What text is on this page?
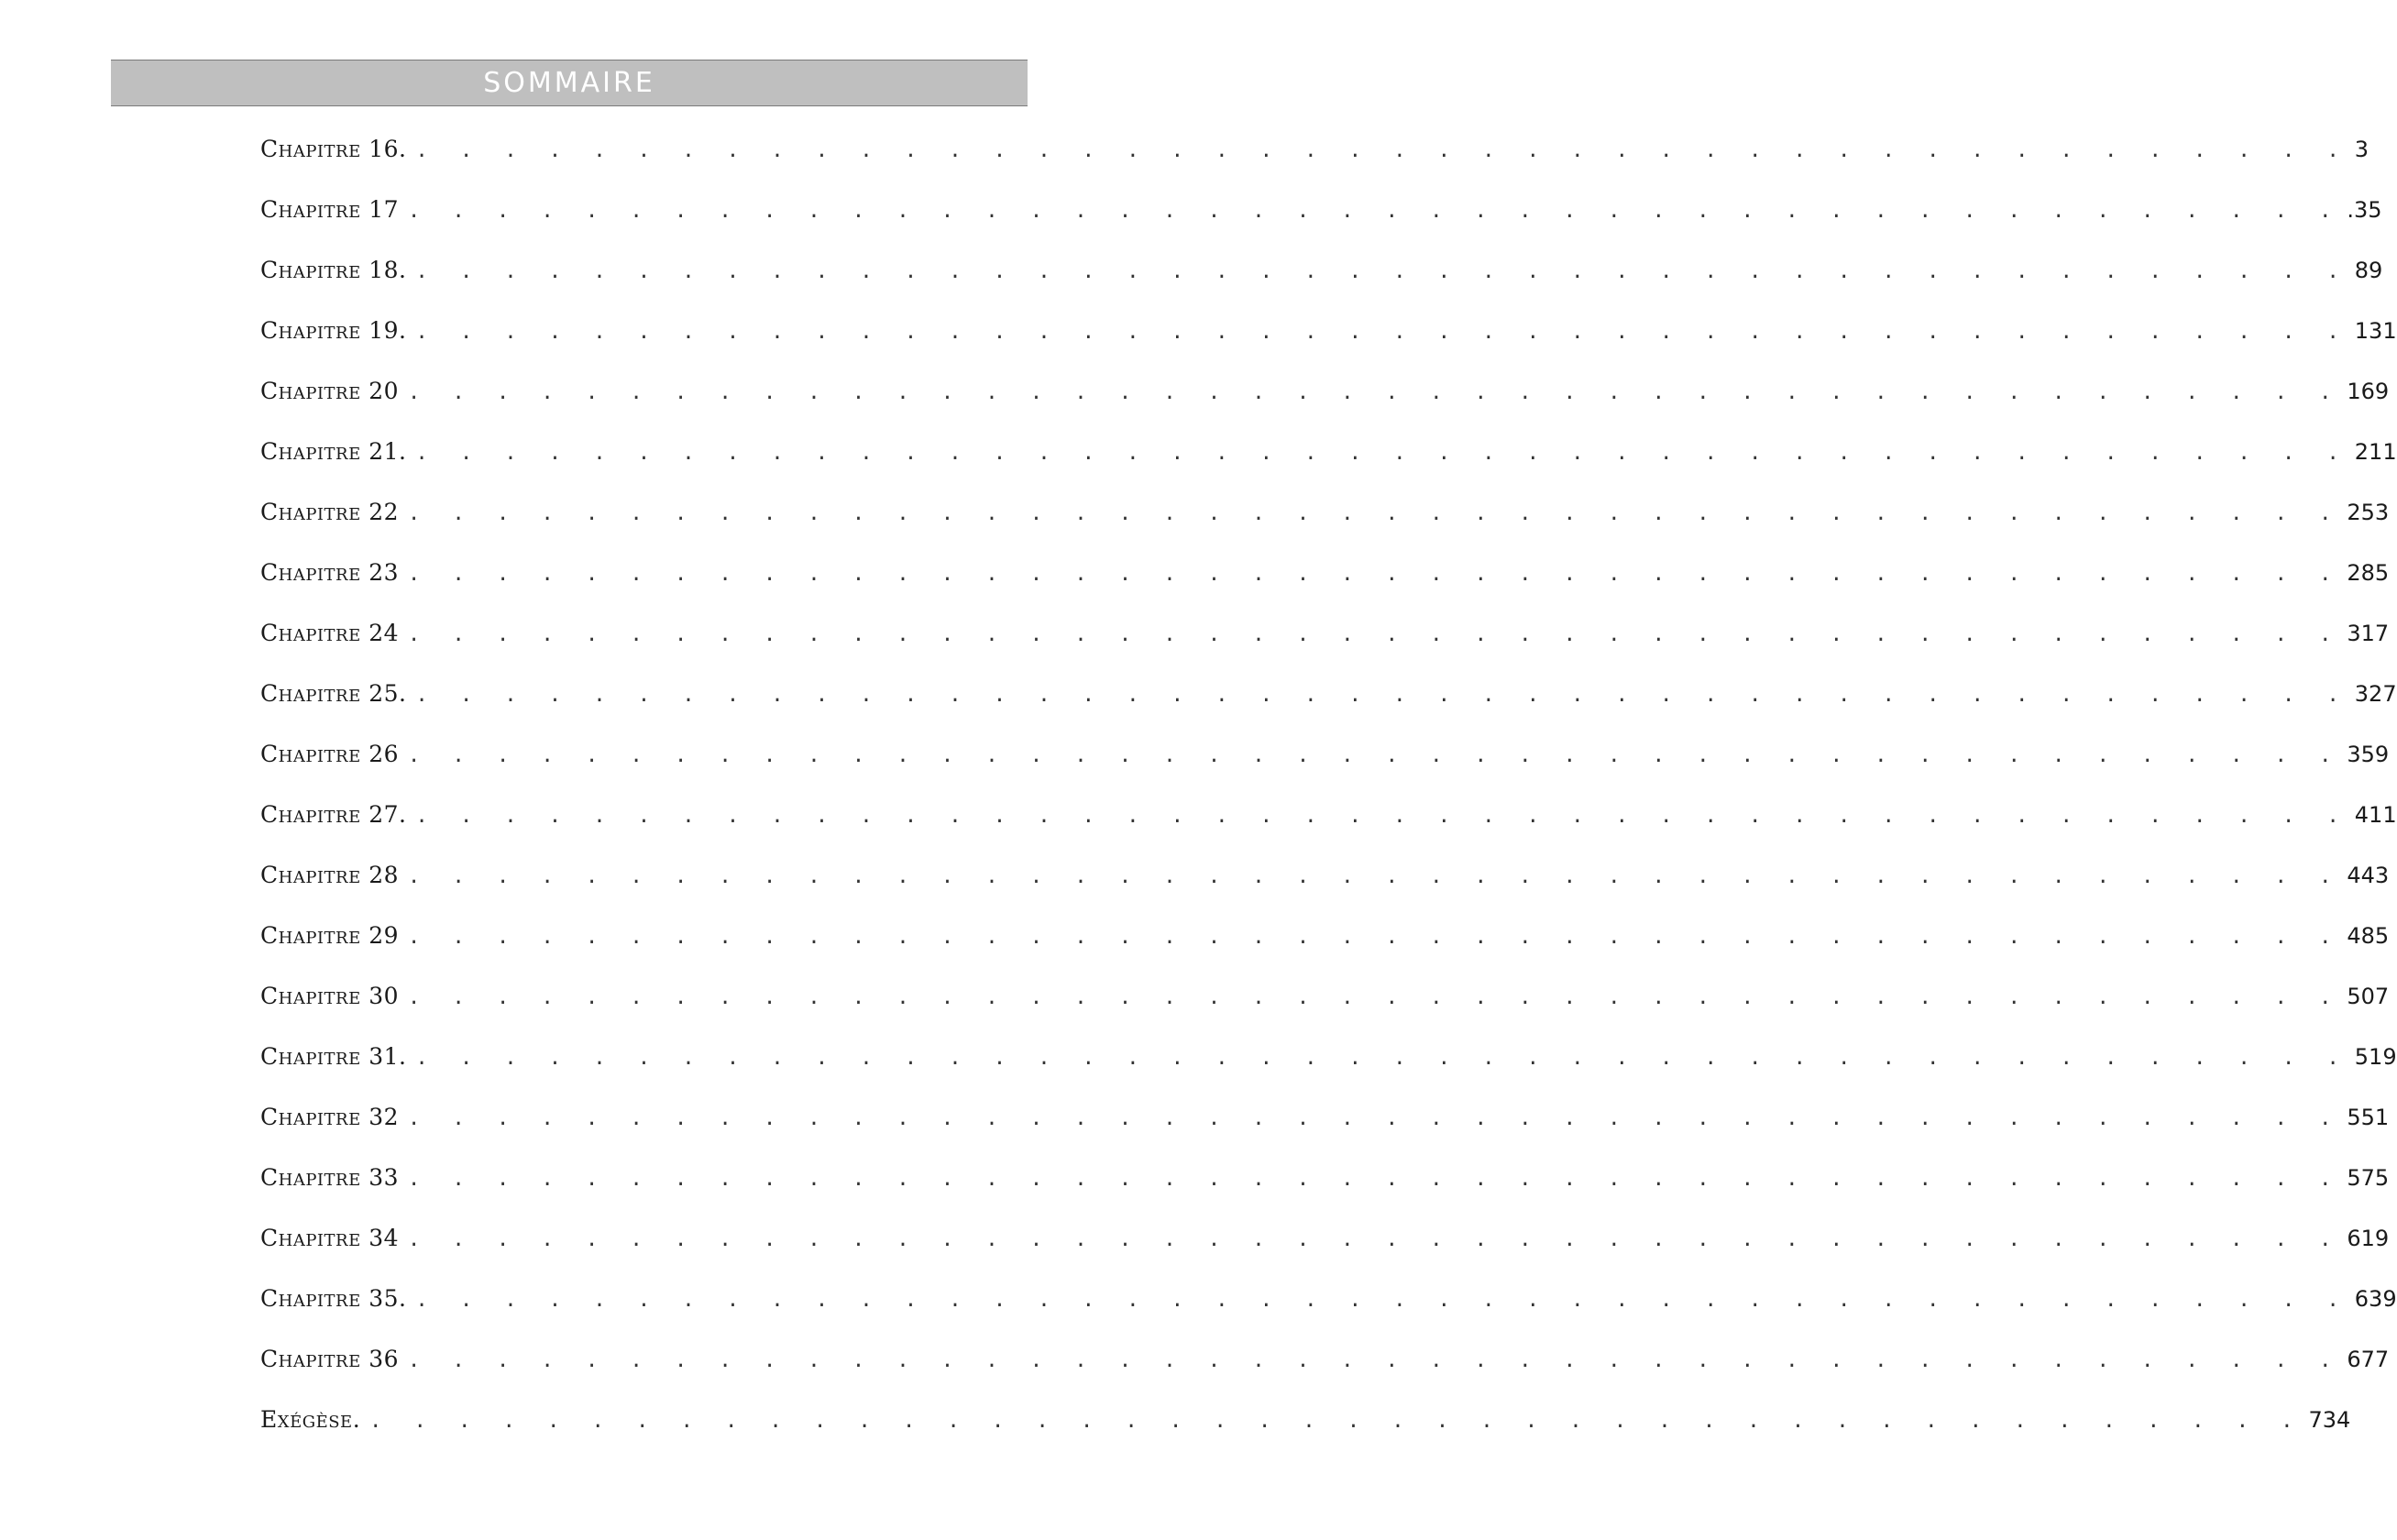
SOMMAIRE
Chapitre 16. . . . . . . . . . . . . . . . . . . . . . . . . . . . . . . . . . . . . . . . . . . . . 3
Chapitre 17 . . . . . . . . . . . . . . . . . . . . . . . . . . . . . . . . . . . . . . . . . . . . .35
Chapitre 18. . . . . . . . . . . . . . . . . . . . . . . . . . . . . . . . . . . . . . . . . . . . . 89
Chapitre 19. . . . . . . . . . . . . . . . . . . . . . . . . . . . . . . . . . . . . . . . . . . . . 131
Chapitre 20 . . . . . . . . . . . . . . . . . . . . . . . . . . . . . . . . . . . . . . . . . . . . 169
Chapitre 21. . . . . . . . . . . . . . . . . . . . . . . . . . . . . . . . . . . . . . . . . . . . . 211
Chapitre 22 . . . . . . . . . . . . . . . . . . . . . . . . . . . . . . . . . . . . . . . . . . . . 253
Chapitre 23 . . . . . . . . . . . . . . . . . . . . . . . . . . . . . . . . . . . . . . . . . . . . 285
Chapitre 24 . . . . . . . . . . . . . . . . . . . . . . . . . . . . . . . . . . . . . . . . . . . . 317
Chapitre 25. . . . . . . . . . . . . . . . . . . . . . . . . . . . . . . . . . . . . . . . . . . . . 327
Chapitre 26 . . . . . . . . . . . . . . . . . . . . . . . . . . . . . . . . . . . . . . . . . . . . 359
Chapitre 27. . . . . . . . . . . . . . . . . . . . . . . . . . . . . . . . . . . . . . . . . . . . . 411
Chapitre 28 . . . . . . . . . . . . . . . . . . . . . . . . . . . . . . . . . . . . . . . . . . . . 443
Chapitre 29 . . . . . . . . . . . . . . . . . . . . . . . . . . . . . . . . . . . . . . . . . . . . 485
Chapitre 30 . . . . . . . . . . . . . . . . . . . . . . . . . . . . . . . . . . . . . . . . . . . . 507
Chapitre 31. . . . . . . . . . . . . . . . . . . . . . . . . . . . . . . . . . . . . . . . . . . . . 519
Chapitre 32 . . . . . . . . . . . . . . . . . . . . . . . . . . . . . . . . . . . . . . . . . . . . 551
Chapitre 33 . . . . . . . . . . . . . . . . . . . . . . . . . . . . . . . . . . . . . . . . . . . . 575
Chapitre 34 . . . . . . . . . . . . . . . . . . . . . . . . . . . . . . . . . . . . . . . . . . . . 619
Chapitre 35. . . . . . . . . . . . . . . . . . . . . . . . . . . . . . . . . . . . . . . . . . . . . 639
Chapitre 36 . . . . . . . . . . . . . . . . . . . . . . . . . . . . . . . . . . . . . . . . . . . . 677
Exégèse. . . . . . . . . . . . . . . . . . . . . . . . . . . . . . . . . . . . . . . . . . . . . 734
